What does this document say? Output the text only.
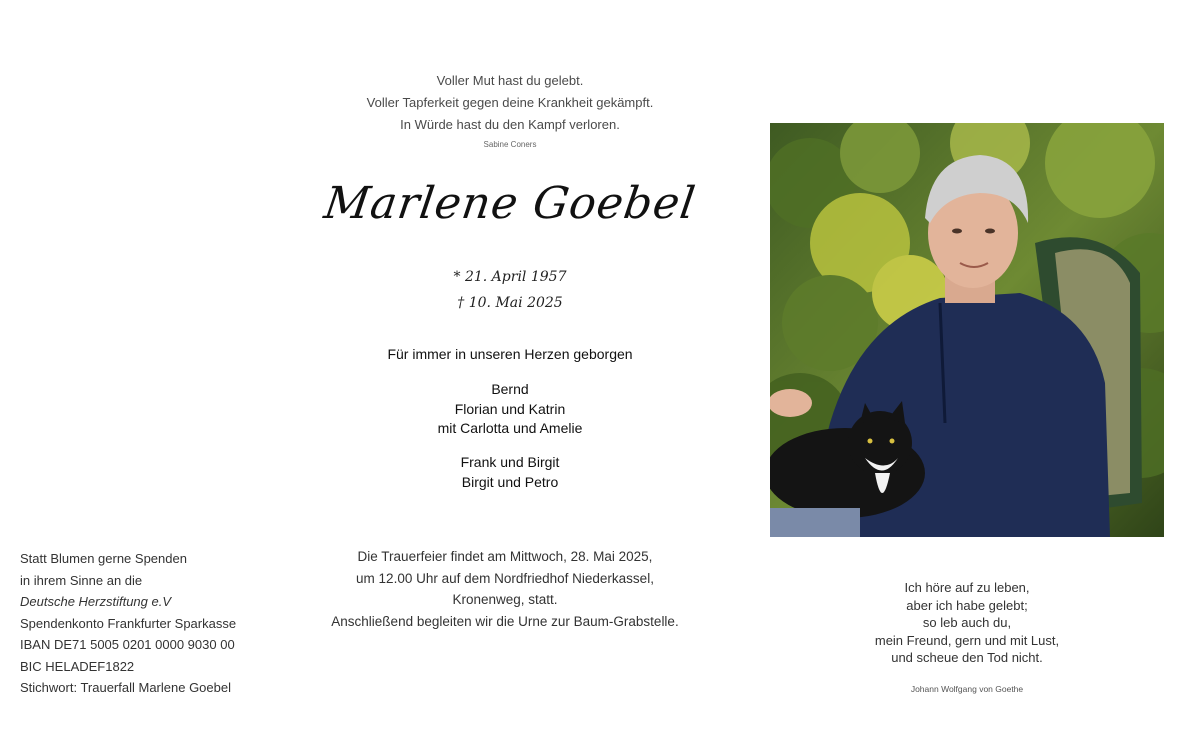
Voller Mut hast du gelebt.
Voller Tapferkeit gegen deine Krankheit gekämpft.
In Würde hast du den Kampf verloren.
Sabine Coners
Marlene Goebel
* 21. April 1957
† 10. Mai 2025
Für immer in unseren Herzen geborgen
Bernd
Florian und Katrin
mit Carlotta und Amelie
Frank und Birgit
Birgit und Petro
Die Trauerfeier findet am Mittwoch, 28. Mai 2025,
um 12.00 Uhr auf dem Nordfriedhof Niederkassel,
Kronenweg, statt.
Anschließend begleiten wir die Urne zur Baum-Grabstelle.
Statt Blumen gerne Spenden
in ihrem Sinne an die
Deutsche Herzstiftung e.V
Spendenkonto Frankfurter Sparkasse
IBAN DE71 5005 0201 0000 9030 00
BIC HELADEF1822
Stichwort: Trauerfall Marlene Goebel
Ich höre auf zu leben,
aber ich habe gelebt;
so leb auch du,
mein Freund, gern und mit Lust,
und scheue den Tod nicht.
Johann Wolfgang von Goethe
